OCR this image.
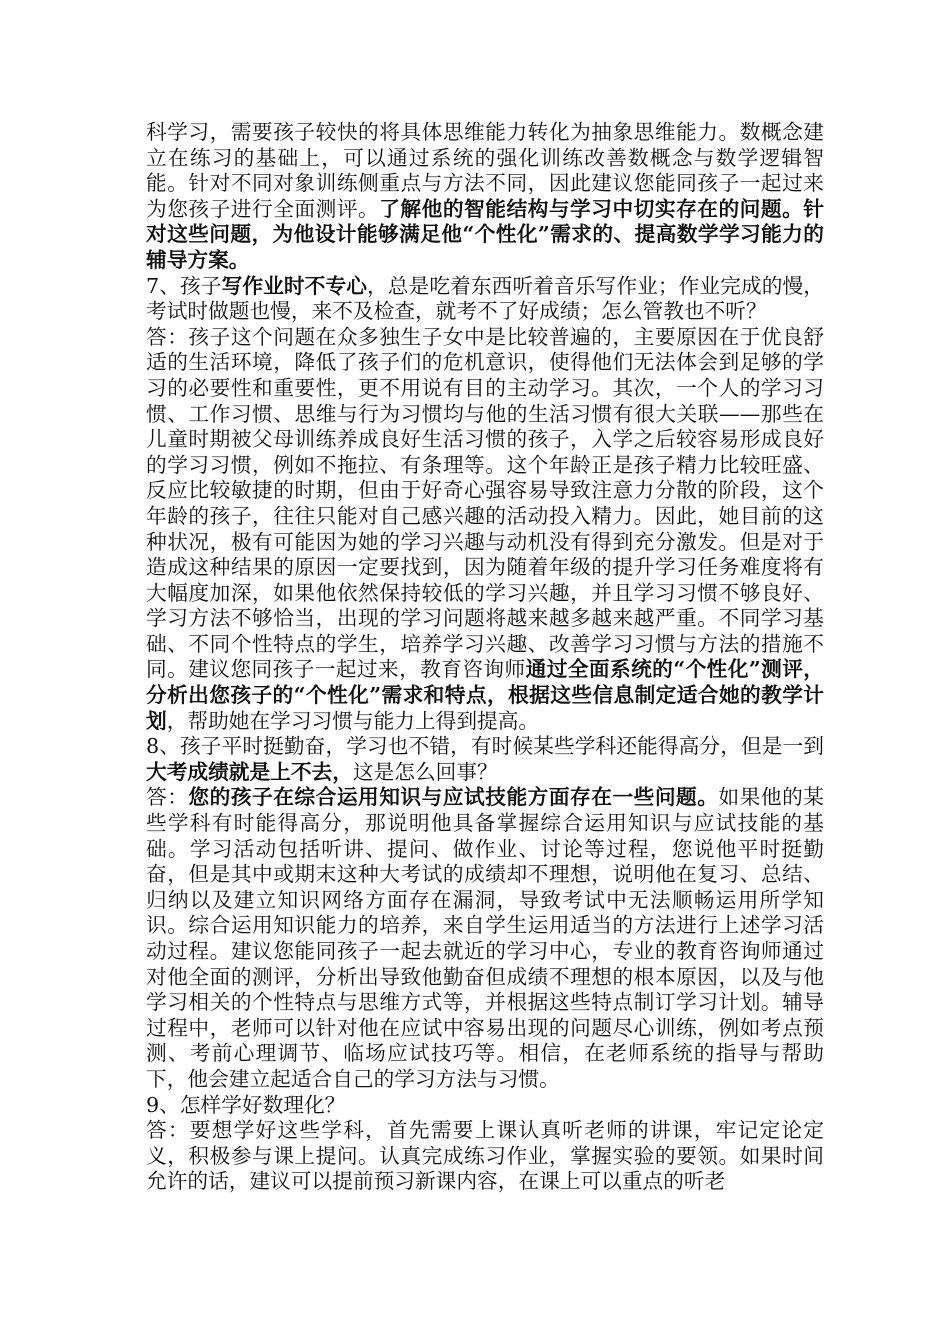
科学习，需要孩子较快的将具体思维能力转化为抽象思维能力。数概念建立在练习的基础上，可以通过系统的强化训练改善数概念与数学逻辑智能。针对不同对象训练侧重点与方法不同，因此建议您能同孩子一起过来为您孩子进行全面测评。了解他的智能结构与学习中切实存在的问题。针对这些问题，为他设计能够满足他“个性化”需求的、提高数学学习能力的辅导方案。

7、孩子写作业时不专心，总是吃着东西听着音乐写作业；作业完成的慢，考试时做题也慢，来不及检查，就考不了好成绩；怎么管教也不听？

答：孩子这个问题在众多独生子女中是比较普遍的，主要原因在于优良舒适的生活环境，降低了孩子们的危机意识，使得他们无法体会到足够的学习的必要性和重要性，更不用说有目的主动学习。其次，一个人的学习习惯、工作习惯、思维与行为习惯均与他的生活习惯有很大关联——那些在儿童时期被父母训练养成良好生活习惯的孩子，入学之后较容易形成良好的学习习惯，例如不拖拉、有条理等。这个年龄正是孩子精力比较旺盛、反应比较敏捷的时期，但由于好奇心强容易导致注意力分散的阶段，这个年龄的孩子，往往只能对自己感兴趣的活动投入精力。因此，她目前的这种状况，极有可能因为她的学习兴趣与动机没有得到充分激发。但是对于造成这种结果的原因一定要找到，因为随着年级的提升学习任务难度将有大幅度加深，如果他依然保持较低的学习兴趣，并且学习习惯不够良好、学习方法不够恰当，出现的学习问题将越来越多越来越严重。不同学习基础、不同个性特点的学生，培养学习兴趣、改善学习习惯与方法的措施不同。建议您同孩子一起过来，教育咨询师通过全面系统的“个性化”测评，分析出您孩子的“个性化”需求和特点，根据这些信息制定适合她的教学计划，帮助她在学习习惯与能力上得到提高。

8、孩子平时挺勤奋，学习也不错，有时候某些学科还能得高分，但是一到大考成绩就是上不去，这是怎么回事？

答：您的孩子在综合运用知识与应试技能方面存在一些问题。如果他的某些学科有时能得高分，那说明他具备掌握综合运用知识与应试技能的基础。学习活动包括听讲、提问、做作业、讨论等过程，您说他平时挺勤奋，但是其中或期末这种大考试的成绩却不理想，说明他在复习、总结、归纳以及建立知识网络方面存在漏洞，导致考试中无法顺畅运用所学知识。综合运用知识能力的培养，来自学生运用适当的方法进行上述学习活动过程。建议您能同孩子一起去就近的学习中心，专业的教育咨询师通过对他全面的测评，分析出导致他勤奋但成绩不理想的根本原因，以及与他学习相关的个性特点与思维方式等，并根据这些特点制订学习计划。辅导过程中，老师可以针对他在应试中容易出现的问题尽心训练，例如考点预测、考前心理调节、临场应试技巧等。相信，在老师系统的指导与帮助下，他会建立起适合自己的学习方法与习惯。

9、怎样学好数理化？

答：要想学好这些学科，首先需要上课认真听老师的讲课，牢记定论定义，积极参与课上提问。认真完成练习作业，掌握实验的要领。如果时间允许的话，建议可以提前预习新课内容，在课上可以重点的听老
